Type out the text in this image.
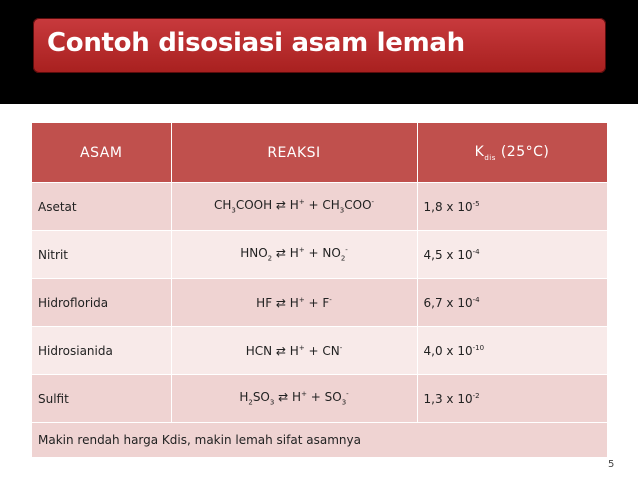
Contoh disosiasi asam lemah
ASAM	REAKSI	$K_{dis}$ (25°C)
Asetat	$CH_3COOH$ ⇄ $H^+ + CH_3COO^-$	1,8 x $10^{-5}$
Nitrit	$HNO_2$ ⇄ $H^+ + NO_2^-$	4,5 x $10^{-4}$
Hidroflorida	HF ⇄ H+ + F-	6,7 x $10^{-4}$
Hidrosianida	HCN ⇄ H+ + CN-	4,0 x $10^{-10}$
Sulfit	$H_2SO_3$ ⇄ $H^+ + SO_3^-$	1,3 x $10^{-2}$
Makin rendah harga Kdis, makin lemah sifat asamnya		
5
